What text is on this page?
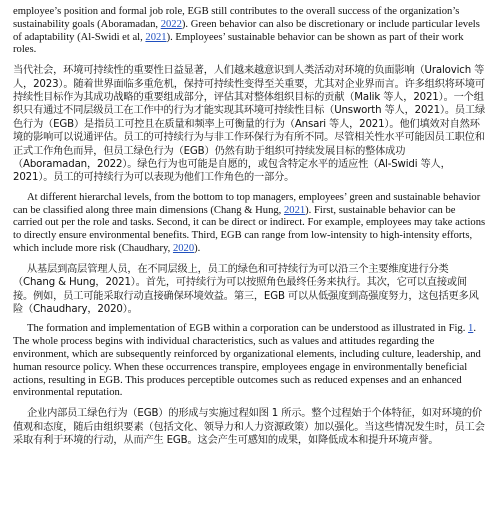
employee’s position and formal job role, EGB still contributes to the overall success of the organization’s sustainability goals (Aboramadan, 2022). Green behavior can also be discretionary or include particular levels of adaptability (Al-Swidi et al, 2021). Employees’ sustainable behavior can be shown as part of their work roles.

当代社会，环境可持续性的重要性日益显著，人们越来越意识到人类活动对环境的负面影响（Uralovich 等人，2023）。随着世界面临多重危机，保持可持续性变得至关重要，尤其对企业界而言。许多组织将环境可持续性目标作为其成功战略的重要组成部分，评估其对整体组织目标的贡献（Malik 等人，2021）。一个组织只有通过不同层级员工在工作中的行为才能实现其环境可持续性目标（Unsworth 等人，2021）。员工绿色行为（EGB）是指员工可控且在质量和频率上可衡量的行为（Ansari 等人，2021）。他们填效对自然环境的影响可以说通评估。员工的可持续行为与非工作环保行为有所不同。尽管相关性水平可能因员工职位和正式工作角色而异，但员工绿色行为（EGB）仍然有助于组织可持续发展目标的整体成功（Aboramadan，2022）。绿色行为也可能是自愿的，或包含特定水平的适应性（Al-Swidi 等人，2021）。员工的可持续行为可以表现为他们工作角色的一部分。

At different hierarchal levels, from the bottom to top managers, employees’ green and sustainable behavior can be classified along three main dimensions (Chang & Hung, 2021). First, sustainable behavior can be carried out per the role and tasks. Second, it can be direct or indirect. For example, employees may take actions to directly ensure environmental benefits. Third, EGB can range from low-intensity to high-intensity efforts, which include more risk (Chaudhary, 2020).

从基层到高层管理人员，在不同层级上，员工的绿色和可持续行为可以沿三个主要维度进行分类（Chang & Hung，2021）。首先，可持续行为可以按照角色最终任务来执行。其次，它可以直接或间接。例如，员工可能采取行动直接确保环境效益。第三，EGB 可以从低强度到高强度努力，这包括更多风险（Chaudhary，2020）。

The formation and implementation of EGB within a corporation can be understood as illustrated in Fig. 1. The whole process begins with individual characteristics, such as values and attitudes regarding the environment, which are subsequently reinforced by organizational elements, including culture, leadership, and human resource policy. When these occurrences transpire, employees engage in environmentally beneficial actions, resulting in EGB. This produces perceptible outcomes such as reduced expenses and an enhanced environmental reputation.

企业内部员工绿色行为（EGB）的形成与实施过程如图 1 所示。整个过程始于个体特征，如对环境的价值观和态度，随后由组织要素（包括文化、领导力和人力资源政策）加以强化。当这些情况发生时，员工会采取有利于环境的行动，从而产生 EGB。这会产生可感知的成果，如降低成本和提升环境声誉。
